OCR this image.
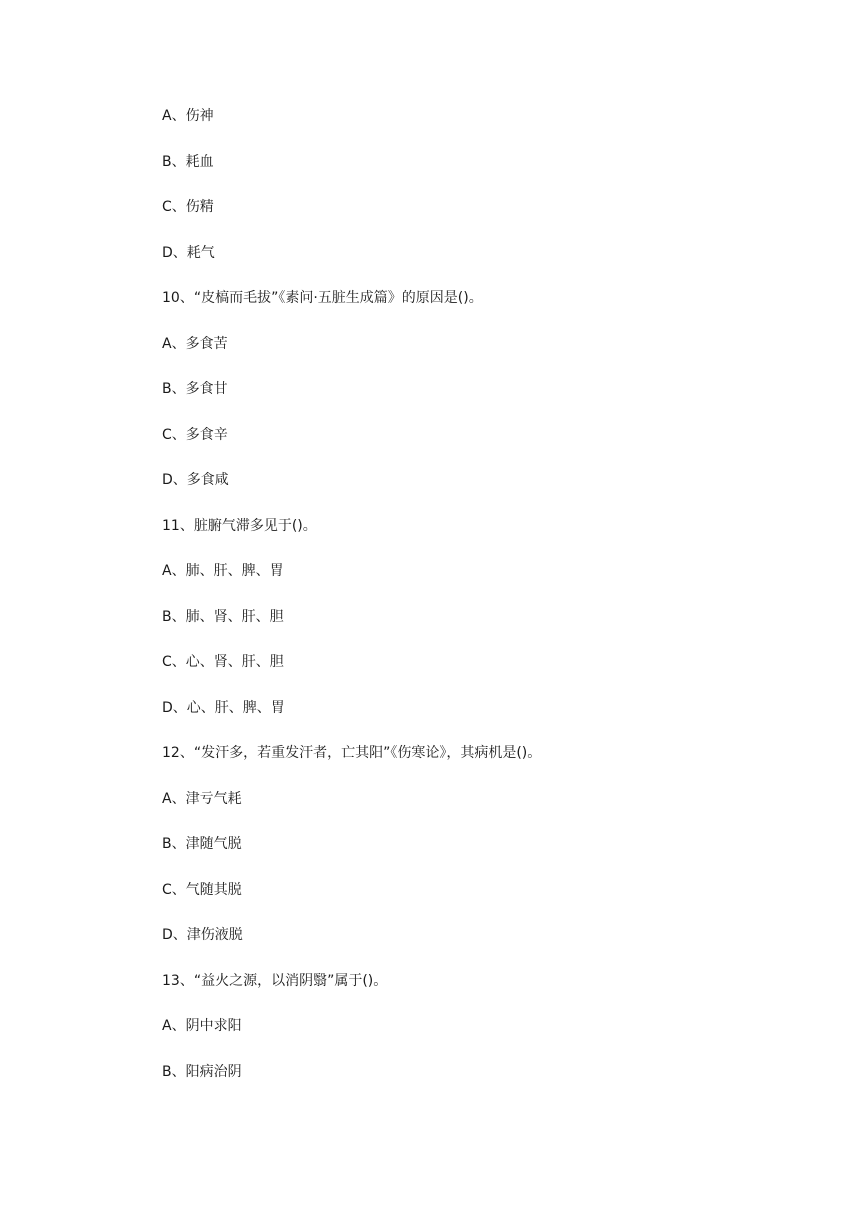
A、伤神
B、耗血
C、伤精
D、耗气
10、“皮槁而毛拔”《素问·五脏生成篇》的原因是()。
A、多食苦
B、多食甘
C、多食辛
D、多食咸
11、脏腑气滞多见于()。
A、肺、肝、脾、胃
B、肺、肾、肝、胆
C、心、肾、肝、胆
D、心、肝、脾、胃
12、“发汗多，若重发汗者，亡其阳”《伤寒论》，其病机是()。
A、津亏气耗
B、津随气脱
C、气随其脱
D、津伤液脱
13、“益火之源，以消阴翳”属于()。
A、阴中求阳
B、阳病治阴
